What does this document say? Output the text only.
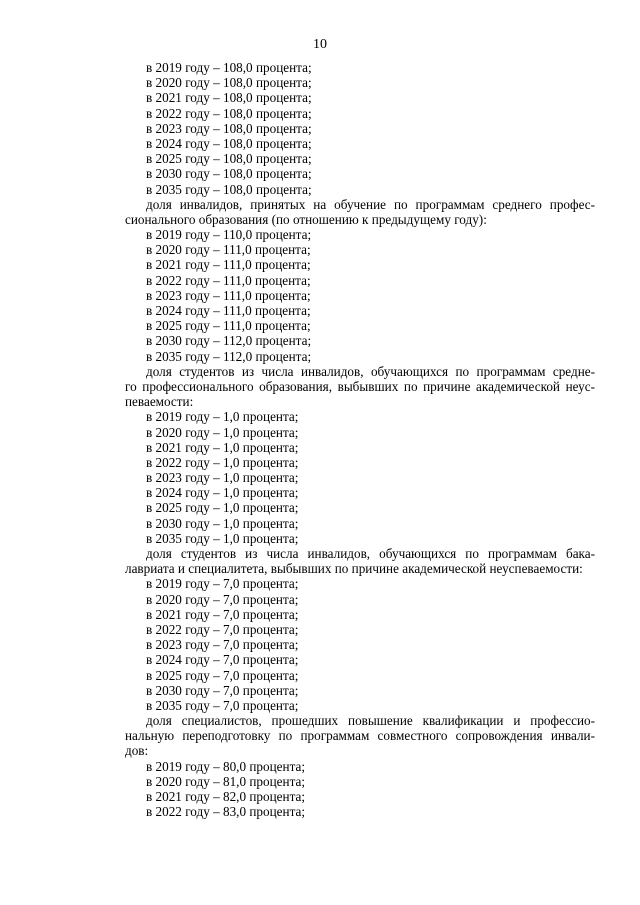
10
в 2019 году – 108,0 процента;
в 2020 году – 108,0 процента;
в 2021 году – 108,0 процента;
в 2022 году – 108,0 процента;
в 2023 году – 108,0 процента;
в 2024 году – 108,0 процента;
в 2025 году – 108,0 процента;
в 2030 году – 108,0 процента;
в 2035 году – 108,0 процента;
доля инвалидов, принятых на обучение по программам среднего профес-
сионального образования (по отношению к предыдущему году):
в 2019 году – 110,0 процента;
в 2020 году – 111,0 процента;
в 2021 году – 111,0 процента;
в 2022 году – 111,0 процента;
в 2023 году – 111,0 процента;
в 2024 году – 111,0 процента;
в 2025 году – 111,0 процента;
в 2030 году – 112,0 процента;
в 2035 году – 112,0 процента;
доля студентов из числа инвалидов, обучающихся по программам средне-
го профессионального образования, выбывших по причине академической неус-
певаемости:
в 2019 году – 1,0 процента;
в 2020 году – 1,0 процента;
в 2021 году – 1,0 процента;
в 2022 году – 1,0 процента;
в 2023 году – 1,0 процента;
в 2024 году – 1,0 процента;
в 2025 году – 1,0 процента;
в 2030 году – 1,0 процента;
в 2035 году – 1,0 процента;
доля студентов из числа инвалидов, обучающихся по программам бака-
лавриата и специалитета, выбывших по причине академической неуспеваемости:
в 2019 году – 7,0 процента;
в 2020 году – 7,0 процента;
в 2021 году – 7,0 процента;
в 2022 году – 7,0 процента;
в 2023 году – 7,0 процента;
в 2024 году – 7,0 процента;
в 2025 году – 7,0 процента;
в 2030 году – 7,0 процента;
в 2035 году – 7,0 процента;
доля специалистов, прошедших повышение квалификации и профессио-
нальную переподготовку по программам совместного сопровождения инвали-
дов:
в 2019 году – 80,0 процента;
в 2020 году – 81,0 процента;
в 2021 году – 82,0 процента;
в 2022 году – 83,0 процента;
